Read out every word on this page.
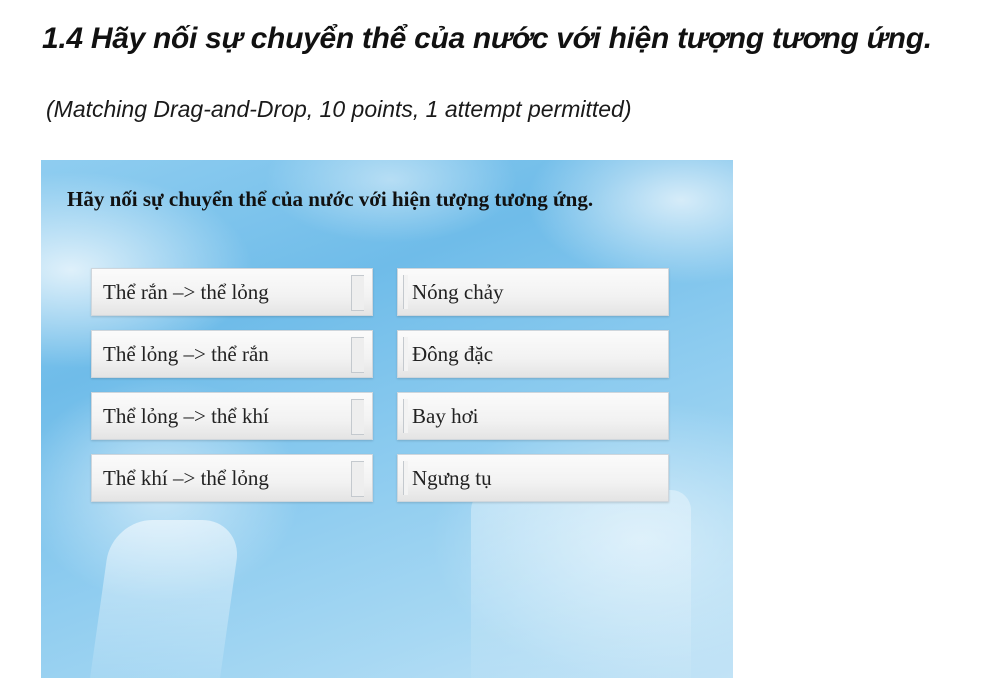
1.4 Hãy nối sự chuyển thể của nước với hiện tượng tương ứng.
(Matching Drag-and-Drop, 10 points, 1 attempt permitted)
Hãy nối sự chuyển thể của nước với hiện tượng tương ứng.
Thể rắn –> thể lỏng	Nóng chảy
Thể lỏng –> thể rắn	Đông đặc
Thể lỏng –> thể khí	Bay hơi
Thể khí –> thể lỏng	Ngưng tụ
